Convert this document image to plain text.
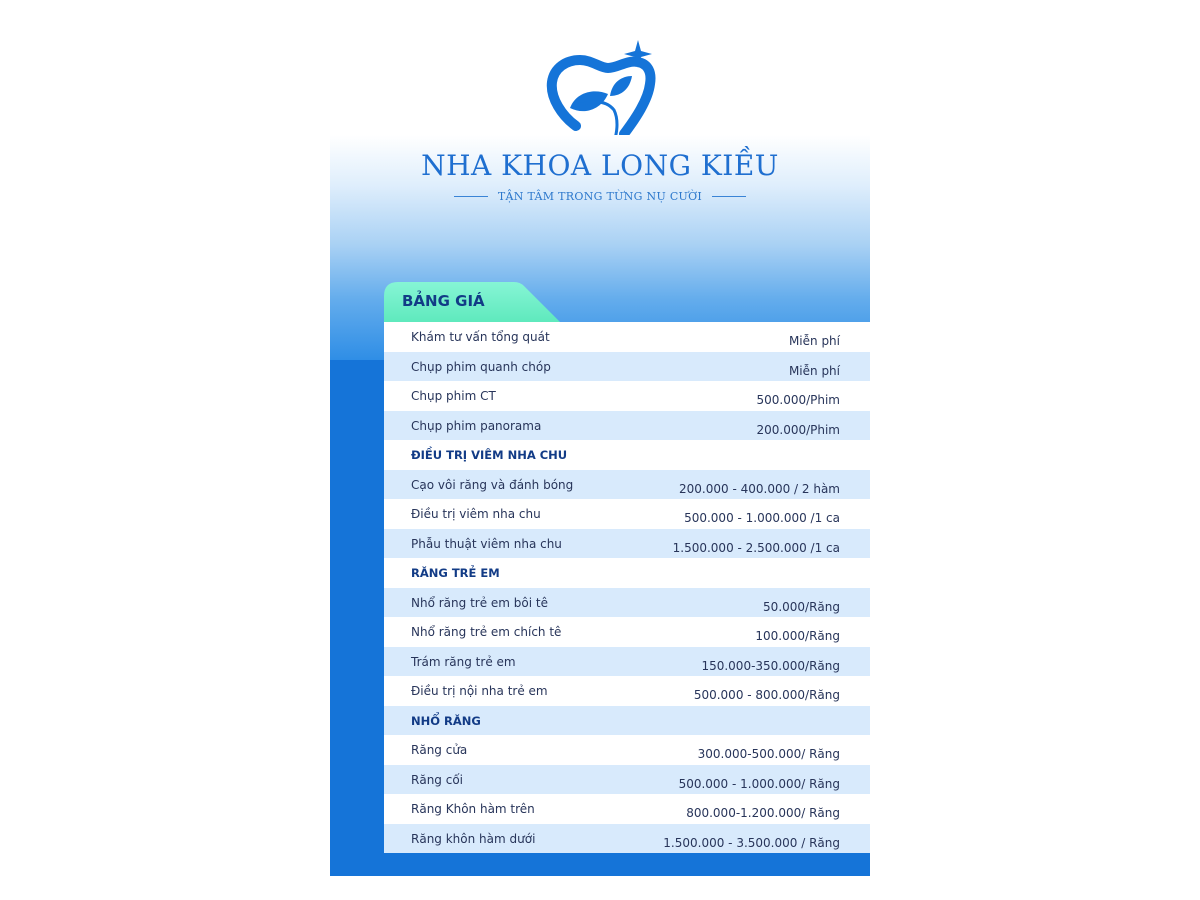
NHA KHOA LONG KIỀU
TẬN TÂM TRONG TỪNG NỤ CƯỜI
BẢNG GIÁ
Khám tư vấn tổng quát	Miễn phí
Chụp phim quanh chóp	Miễn phí
Chụp phim CT	500.000/Phim
Chụp phim panorama	200.000/Phim
ĐIỀU TRỊ VIÊM NHA CHU
Cạo vôi răng và đánh bóng	200.000 - 400.000 / 2 hàm
Điều trị viêm nha chu	500.000 - 1.000.000 /1 ca
Phẫu thuật viêm nha chu	1.500.000 - 2.500.000 /1 ca
RĂNG TRẺ EM
Nhổ răng trẻ em bôi tê	50.000/Răng
Nhổ răng trẻ em chích tê	100.000/Răng
Trám răng trẻ em	150.000-350.000/Răng
Điều trị nội nha trẻ em	500.000 - 800.000/Răng
NHỔ RĂNG
Răng cửa	300.000-500.000/ Răng
Răng cối	500.000 - 1.000.000/ Răng
Răng Khôn hàm trên	800.000-1.200.000/ Răng
Răng khôn hàm dưới	1.500.000 - 3.500.000 / Răng
